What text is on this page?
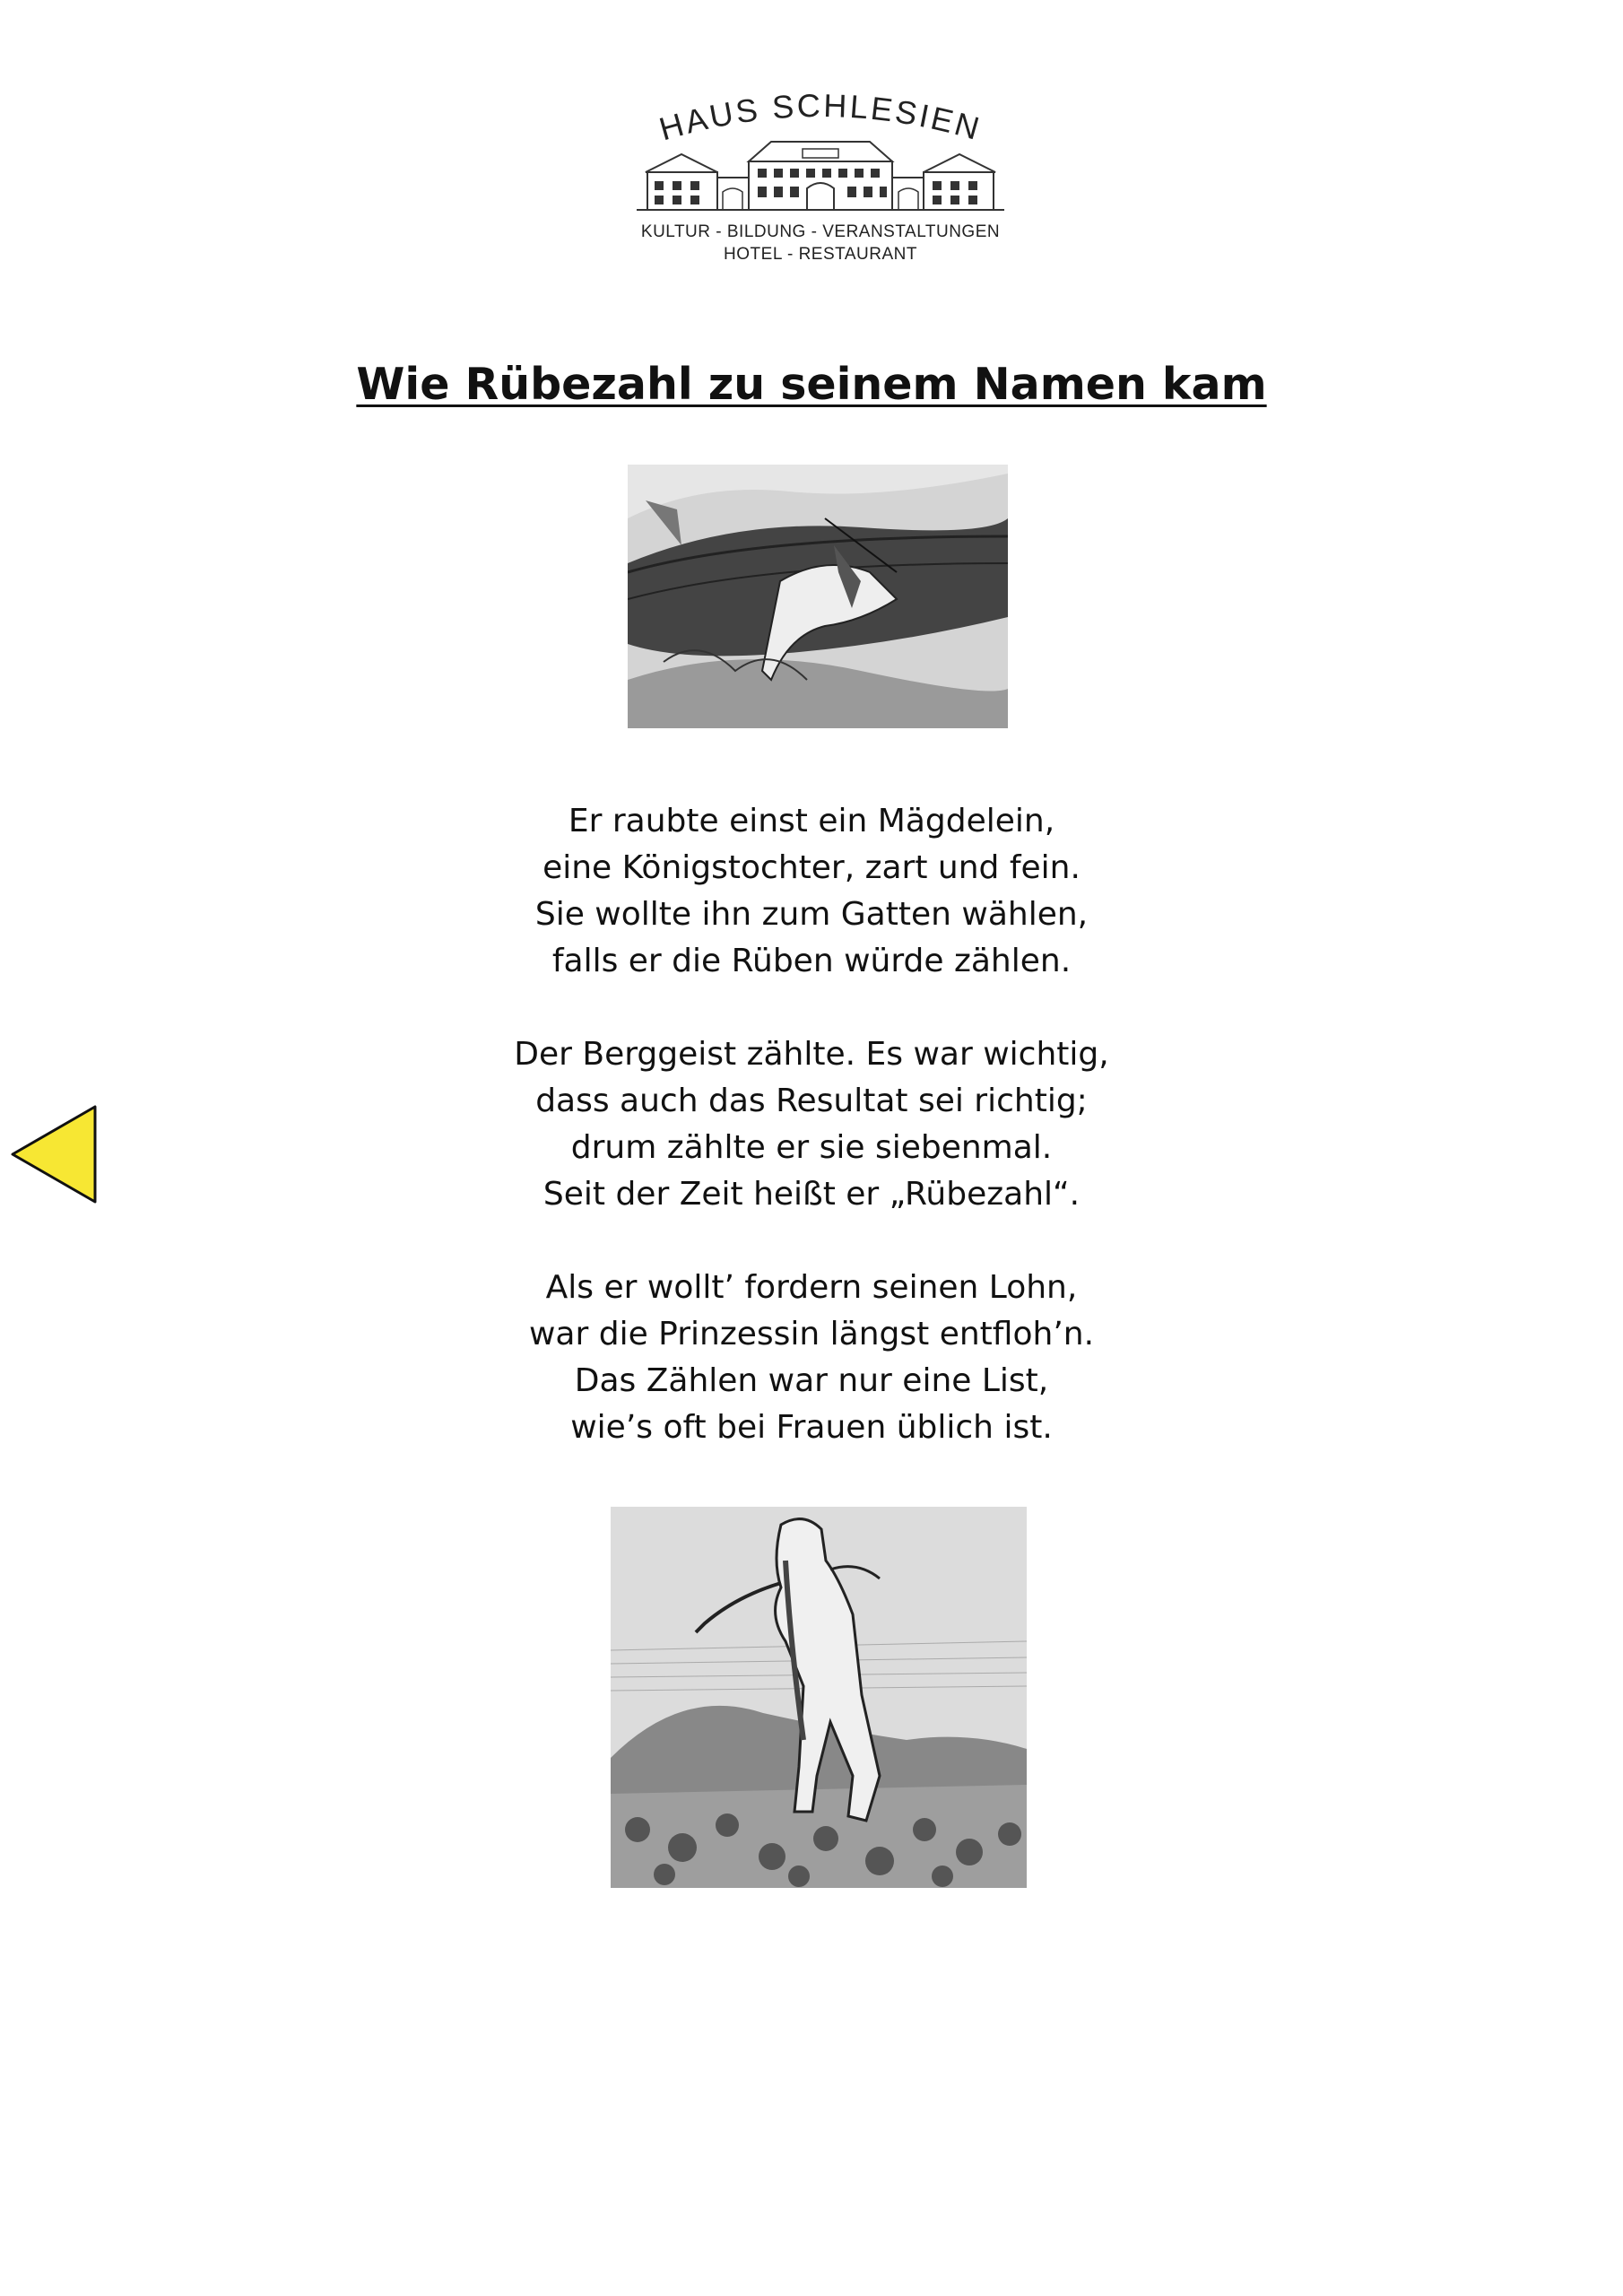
HAUS SCHLESIEN
KULTUR - BILDUNG - VERANSTALTUNGEN
HOTEL - RESTAURANT
Wie Rübezahl zu seinem Namen kam

Er raubte einst ein Mägdelein,
eine Königstochter, zart und fein.
Sie wollte ihn zum Gatten wählen,
falls er die Rüben würde zählen.

Der Berggeist zählte. Es war wichtig,
dass auch das Resultat sei richtig;
drum zählte er sie siebenmal.
Seit der Zeit heißt er „Rübezahl“.

Als er wollt’ fordern seinen Lohn,
war die Prinzessin längst entfloh’n.
Das Zählen war nur eine List,
wie’s oft bei Frauen üblich ist.
